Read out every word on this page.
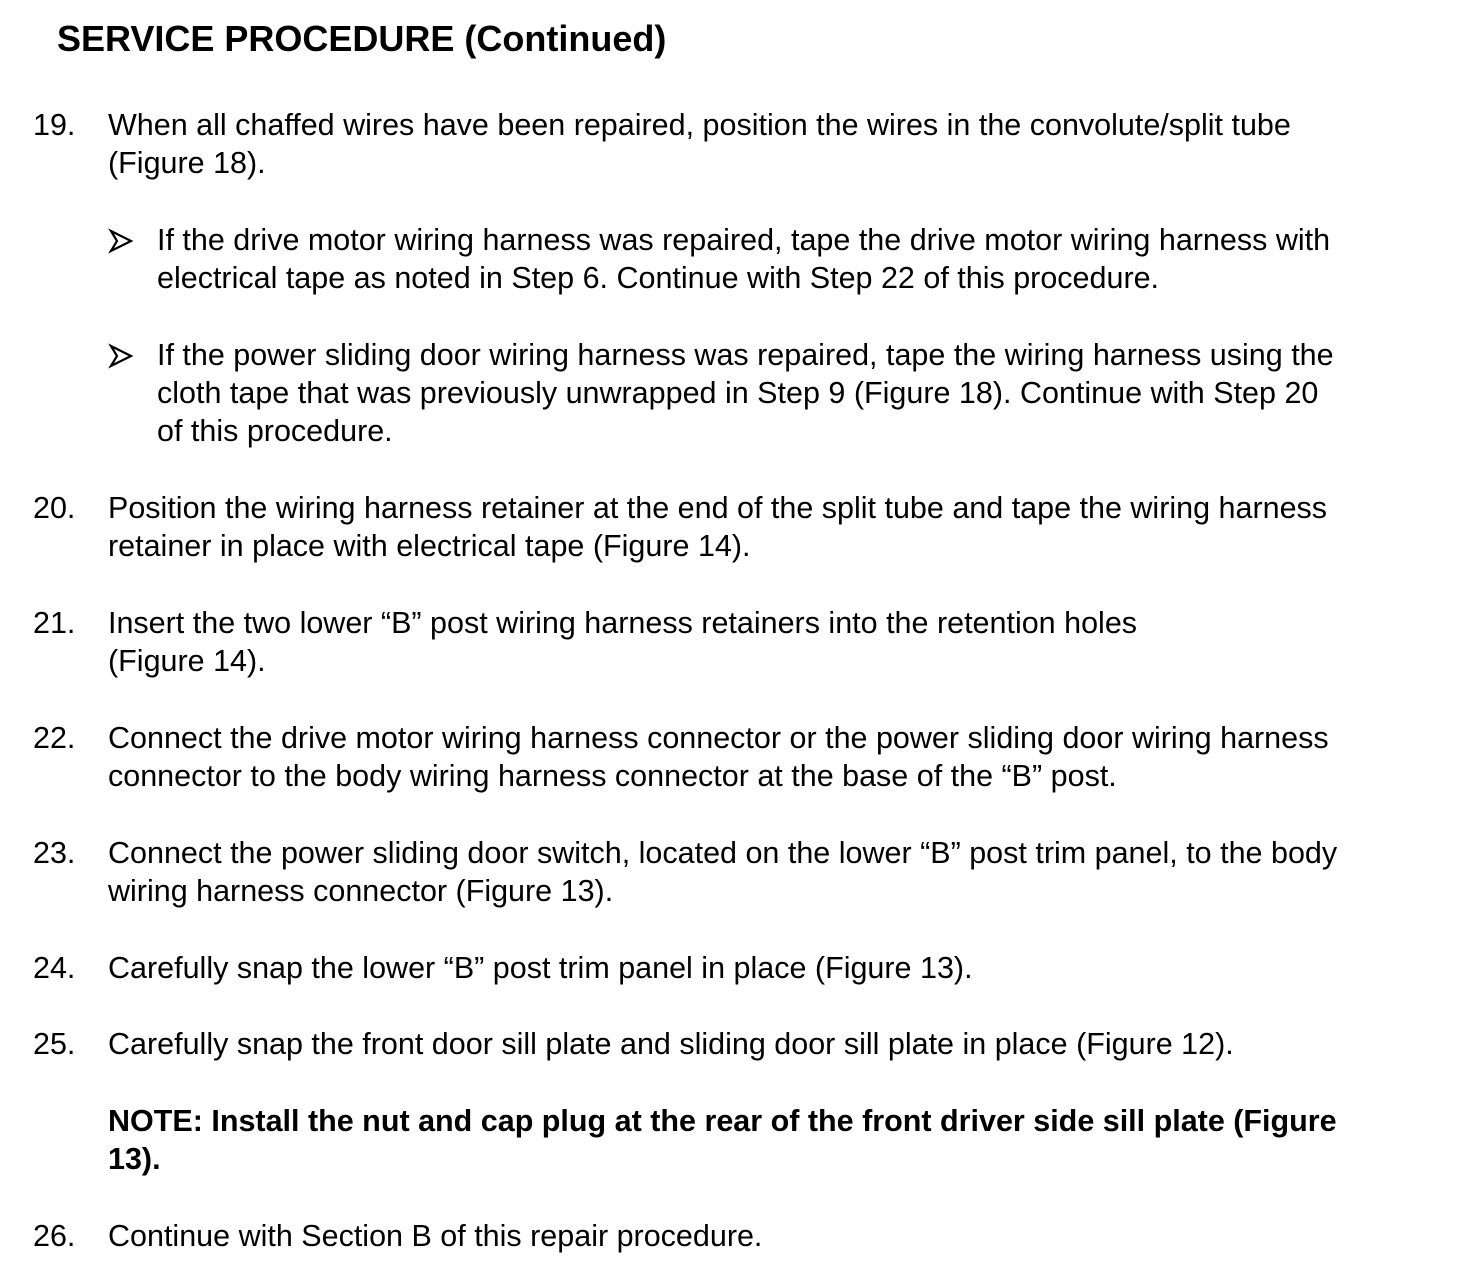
SERVICE PROCEDURE (Continued)
19. When all chaffed wires have been repaired, position the wires in the convolute/split tube
(Figure 18).
If the drive motor wiring harness was repaired, tape the drive motor wiring harness with
electrical tape as noted in Step 6. Continue with Step 22 of this procedure.
If the power sliding door wiring harness was repaired, tape the wiring harness using the
cloth tape that was previously unwrapped in Step 9 (Figure 18). Continue with Step 20
of this procedure.
20. Position the wiring harness retainer at the end of the split tube and tape the wiring harness
retainer in place with electrical tape (Figure 14).
21. Insert the two lower “B” post wiring harness retainers into the retention holes
(Figure 14).
22. Connect the drive motor wiring harness connector or the power sliding door wiring harness
connector to the body wiring harness connector at the base of the “B” post.
23. Connect the power sliding door switch, located on the lower “B” post trim panel, to the body
wiring harness connector (Figure 13).
24. Carefully snap the lower “B” post trim panel in place (Figure 13).
25. Carefully snap the front door sill plate and sliding door sill plate in place (Figure 12).
NOTE: Install the nut and cap plug at the rear of the front driver side sill plate (Figure
13).
26. Continue with Section B of this repair procedure.
